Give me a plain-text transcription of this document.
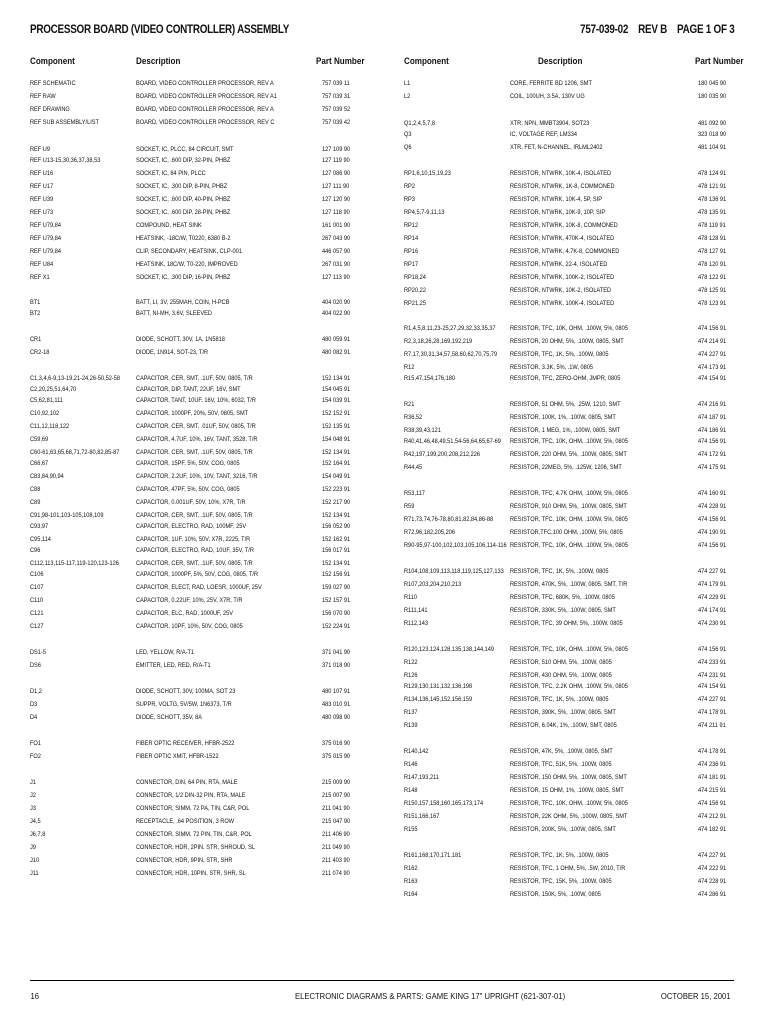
PROCESSOR BOARD (VIDEO CONTROLLER) ASSEMBLY	757-039-02 REV B PAGE 1 OF 3
Component	Description	Part Number
REF SCHEMATIC	BOARD, VIDEO CONTROLLER PROCESSOR, REV A	757 039 11
REF RAW	BOARD, VIDEO CONTROLLER PROCESSOR, REV A1	757 039 31
REF DRAWING	BOARD, VIDEO CONTROLLER PROCESSOR, REV A	757 039 52
REF SUB ASSEMBLY/LIST	BOARD, VIDEO CONTROLLER PROCESSOR, REV C	757 039 42
REF U9	SOCKET, IC, PLCC, 84 CIRCUIT, SMT	127 109 90
REF U13-15,30,36,37,38,53	SOCKET, IC, .600 DIP, 32-PIN, PHBZ	127 119 90
REF U16	SOCKET, IC, 84 PIN, PLCC	127 086 90
REF U17	SOCKET, IC, .300 DIP, 8-PIN, PHBZ	127 111 90
REF U39	SOCKET, IC, .600 DIP, 40-PIN, PHBZ	127 120 90
REF U73	SOCKET, IC, .600 DIP, 28-PIN, PHBZ	127 118 90
REF U79,84	COMPOUND, HEAT SINK	161 001 90
REF U79,84	HEATSINK, -18C/W, T0220, 6380 B-2	267 043 90
REF U79,84	CLIP, SECONDARY, HEATSINK, CLP-001	446 057 90
REF U84	HEATSINK, 18C/W, T0-220, IMPROVED	267 031 90
REF X1	SOCKET, IC, .300 DIP, 16-PIN, PHBZ	127 113 90
BT1	BATT, LI, 3V, 255MAH, COIN, H-PCB	404 020 90
BT2	BATT, NI-MH, 3.6V, SLEEVED	404 022 90
CR1	DIODE, SCHOTT, 30V, 1A, 1N5818	480 059 91
CR2-18	DIODE, 1N914, SOT-23, T/R	480 082 91
C1,3,4,6-9,13-19,21-24,26-50,52-58 CAPACITOR, CER, SMT, .1UF, 50V, 0805, T/R	152 134 91
C2,20,25,51,64,70	CAPACITOR, DIP, TANT, 22UF, 16V, SMT	154 045 91
C5,62,81,111	CAPACITOR, TANT, 10UF, 16V, 10%, 6032, T/R	154 039 91
C10,92,102	CAPACITOR, 1000PF, 20%, 50V, 0805, SMT	152 152 91
C11,12,118,122	CAPACITOR, CER, SMT, .01UF, 50V, 0805, T/R	152 135 91
C59,69	CAPACITOR, 4.7UF, 10%, 16V, TANT, 3528, T/R	154 048 91
C60-61,63,65,68,71,72-80,82,85-87	CAPACITOR, CER, SMT, .1UF, 50V, 0805, T/R	152 134 91
C66,67	CAPACITOR, 15PF, 5%, 50V, COG, 0805	152 164 91
C83,84,90,94	CAPACITOR, 2.2UF, 10%, 10V, TANT, 3216, T/R	154 049 91
C88	CAPACITOR, 47PF, 5%, 50V, COG, 0805	152 223 91
C89	CAPACITOR, 0.001UF, 50V, 10%, X7R, T/R	152 217 90
C91,98-101,103-105,108,109	CAPACITOR, CER, SMT, .1UF, 50V, 0805, T/R	152 134 91
C93,97	CAPACITOR, ELECTRO, RAD, 100MF, 25V	156 052 90
C95,114	CAPACITOR, 1UF, 10%, 50V, X7R, 2225, T/R	152 162 91
C96	CAPACITOR, ELECTRO, RAD, 10UF, 35V, T/R	156 017 91
C112,113,115-117,119-120,123-126	CAPACITOR, CER, SMT, .1UF, 50V, 0805, T/R	152 134 91
C106	CAPACITOR, 1000PF, 5%, 50V, COG, 0805, T/R	152 156 91
C107	CAPACITOR, ELECT, RAD, LOESR, 1000UF, 25V	159 027 90
C110	CAPACITOR, 0.22UF, 10%, 25V, X7R, T/R	152 157 91
C121	CAPACITOR, ELC, RAD, 1000UF, 25V	156 070 90
C127	CAPACITOR, 10PF, 10%, 50V, COG, 0805	152 224 91
DS1-5	LED, YELLOW, R/A-T1	371 041 90
DS6	EMITTER, LED, RED, R/A-T1	371 018 90
D1,2	DIODE, SCHOTT, 30V, 100MA, SOT 23	480 107 91
D3	SUPPR, VOLTG, 5V/5W, 1N6373, T/R	483 010 91
D4	DIODE, SCHOTT, 35V, 8A	480 098 90
FO1	FIBER OPTIC RECEIVER, HFBR-2522	375 016 90
FO2	FIBER OPTIC XMIT, HFBR-1522	375 015 90
J1	CONNECTOR, DIN, 64 PIN, RTA, MALE	215 009 90
J2	CONNECTOR, 1/2 DIN-32 PIN, RTA, MALE	215 007 90
J3	CONNECTOR, SIMM, 72 PA, TIN, C&R, POL	211 041 90
J4,5	RECEPTACLE, .64 POSITION, 3 ROW	215 047 90
J6,7,8	CONNECTOR, SIMM, 72 PIN, TIN, C&R, POL	211 406 90
J9	CONNECTOR, HDR, 2PIN, STR, SHROUD, SL	211 049 90
J10	CONNECTOR, HDR, 9PIN, STR, SHR	211 403 90
J11	CONNECTOR, HDR, 10PIN, STR, SHR, SL	211 074 90
Component	Description	Part Number
L1	CORE, FERRITE BD 1206, SMT	180 045 90
L2	COIL, 100UH, 3.5A, 130V UG	180 035 90
Q1,2,4,5,7,8	XTR, NPN, MMBT3904, SOT23	481 092 90
Q3	IC, VOLTAGE REF, LM334	323 018 90
Q6	XTR, FET, N-CHANNEL, IRLML2402	481 104 91
RP1,6,10,15,19,23	RESISTOR, NTWRK, 10K-4, ISOLATED	478 124 91
RP2	RESISTOR, NTWRK, 1K-8, COMMONED	478 121 91
RP3	RESISTOR, NTWRK, 10K-4, 5P, SIP	478 136 91
RP4,5,7-9,11,13	RESISTOR, NTWRK, 10K-9, 10P, SIP	478 135 91
RP12	RESISTOR, NTWRK, 10K-8, COMMONED	478 119 91
RP14	RESISTOR, NTWRK, 470K-4, ISOLATED	478 128 91
RP16	RESISTOR, NTWRK, 4.7K-8, COMMONED	478 127 91
RP17	RESISTOR, NTWRK, 22-4, ISOLATED	478 120 91
RP18,24	RESISTOR, NTWRK, 100K-2, ISOLATED	478 122 91
RP20,22	RESISTOR, NTWRK, 10K-2, ISOLATED	478 125 91
RP21,25	RESISTOR, NTWRK, 100K-4, ISOLATED	478 123 91
R1,4,5,8,11,23-25,27,29,32,33,35,37 RESISTOR, TFC, 10K, OHM, .100W, 5%, 0805	474 156 91
R2,3,18,26,28,169,192,219	RESISTOR, 20 OHM, 5%, .100W, 0805, SMT	474 214 91
R7,17,30,31,34,57,58,60,62,70,75,79 RESISTOR, TFC, 1K, 5%, .100W, 0805	474 227 91
R12	RESISTOR, 3.3K, 5%, .1W, 0805	474 173 91
R15,47,154,176,180	RESISTOR, TFC, ZERO-OHM, JMPR, 0805	474 154 91
R21	RESISTOR, 51 OHM, 5%, .25W, 1210, SMT	474 216 91
R36,52	RESISTOR, 100K, 1%, .100W, 0805, SMT	474 187 91
R38,39,43,121	RESISTOR, 1 MEG, 1%, .100W, 0805, SMT	474 186 91
R40,41,46,48,49,51,54-56,64,65,67-69 RESISTOR, TFC, 10K, OHM, .100W, 5%, 0805	474 156 91
R42,197,199,200,208,212,226	RESISTOR, 220 OHM, 5%, .100W, 0805, SMT	474 172 91
R44,45	RESISTOR, 22MEG, 5%, .125W, 1206, SMT	474 175 91
R53,117	RESISTOR, TFC, 4.7K OHM, .100W, 5%, 0805	474 160 91
R59	RESISTOR, 910 OHM, 5%, .100W, 0805, SMT	474 228 91
R71,73,74,76-78,80,81,82,84,86-88	RESISTOR, TFC, 10K, OHM, .100W, 5%, 0805	474 156 91
R72,96,182,205,206	RESISTOR,TFC,100 OHM, .100W, 5%, 0805	474 190 91
R90-95,97-100,102,103,105,106,114-116 RESISTOR, TFC, 10K, OHM, .100W, 5%, 0805	474 156 91
R104,108,109,113,118,119,125,127,133 RESISTOR, TFC, 1K, 5%, .100W, 0805	474 227 91
R107,203,204,210,213	RESISTOR, 470K, 5%, .100W, 0805, SMT, T/R	474 179 91
R110	RESISTOR, TFC, 680K, 5%, .100W, 0805	474 229 91
R111,141	RESISTOR, 330K, 5%, .100W, 0805, SMT	474 174 91
R112,143	RESISTOR, TFC, 39 OHM, 5%, .100W, 0805	474 230 91
R120,123,124,128,135,138,144,149 RESISTOR, TFC, 10K, OHM, .100W, 5%, 0805	474 156 91
R122	RESISTOR, 510 OHM, 5%, .100W, 0805	474 233 91
R126	RESISTOR, 430 OHM, 5%, .100W, 0805	474 231 91
R129,130,131,132,136,198	RESISTOR, TFC, 2.2K OHM, .100W, 5%, 0805	474 154 91
R134,136,145,152,156,159	RESISTOR, TFC, 1K, 5%, .100W, 0805	474 227 91
R137	RESISTOR, 390K, 5%, .100W, 0805, SMT	474 178 91
R139	RESISTOR, 6.04K, 1%, .100W, SMT, 0805	474 211 91
R140,142	RESISTOR, 47K, 5%, .100W, 0805, SMT	474 178 91
R146	RESISTOR, TFC, 51K, 5%, .100W, 0805	474 236 91
R147,193,211	RESISTOR, 150 OHM, 5%, .100W, 0805, SMT	474 181 91
R148	RESISTOR, 15 OHM, 1%, .100W, 0805, SMT	474 215 91
R150,157,158,160,165,173,174	RESISTOR, TFC, 10K, OHM, .100W, 5%, 0805	474 156 91
R151,166,167	RESISTOR, 22K OHM, 5%, .100W, 0805, SMT	474 212 91
R155	RESISTOR, 200K, 5%, .100W, 0805, SMT	474 182 91
R161,168,170,171,181	RESISTOR, TFC, 1K, 5%, .100W, 0805	474 227 91
R162	RESISTOR, TFC, 1 OHM, 5%, .5W, 2010, T/R	474 222 91
R163	RESISTOR, TFC, 15K, 5%, .100W, 0805	474 228 91
R164	RESISTOR, 150K, 5%, .100W, 0805	474 286 91
16	ELECTRONIC DIAGRAMS & PARTS: GAME KING 17" UPRIGHT (621-307-01)	OCTOBER 15, 2001
